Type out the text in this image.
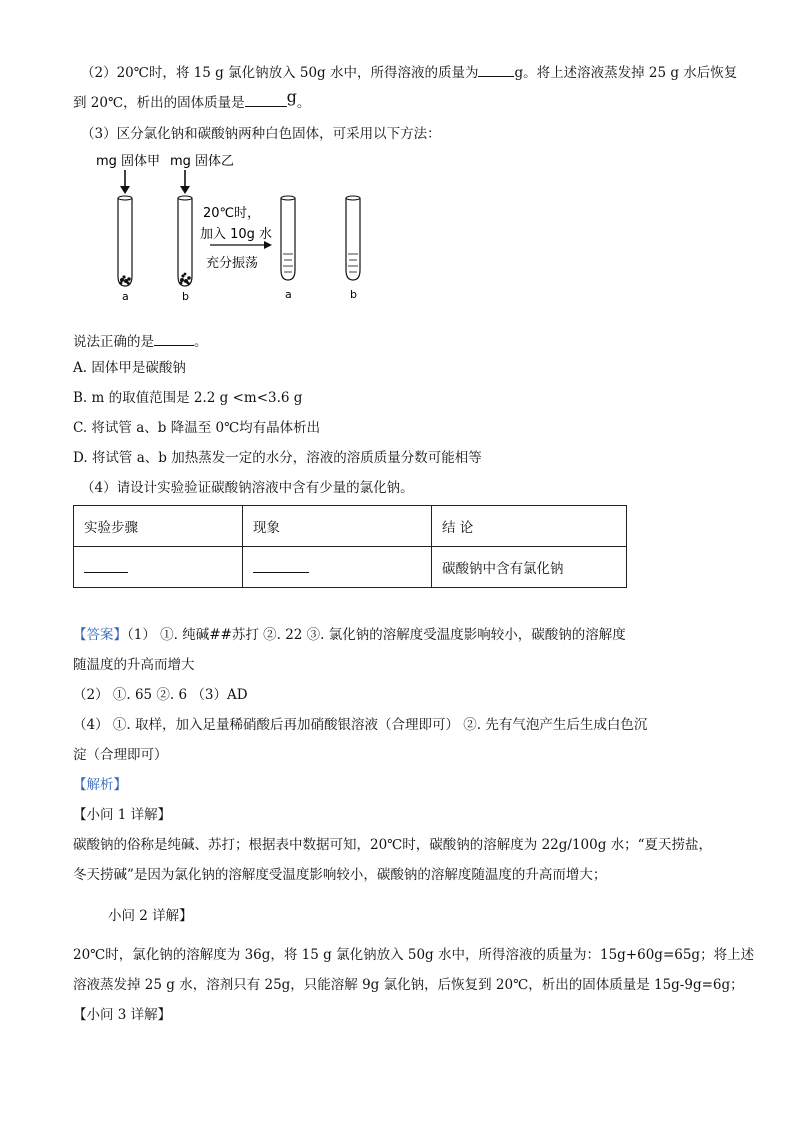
（2）20℃时，将 15 g 氯化钠放入 50g 水中，所得溶液的质量为	g。将上述溶液蒸发掉 25 g 水后恢复
到 20℃，析出的固体质量是	g。
（3）区分氯化钠和碳酸钠两种白色固体，可采用以下方法：
mg 固体甲 mg 固体乙
20℃时，
加入 10g 水
充分振荡
a	b	a	b
说法正确的是	。
A. 固体甲是碳酸钠
B. m 的取值范围是 2.2 g <m<3.6 g
C. 将试管 a、b 降温至 0℃均有晶体析出
D. 将试管 a、b 加热蒸发一定的水分，溶液的溶质质量分数可能相等
（4）请设计实验验证碳酸钠溶液中含有少量的氯化钠。
实验步骤	现象	结 论
		碳酸钠中含有氯化钠
【答案】（1） ①. 纯碱##苏打 ②. 22 ③. 氯化钠的溶解度受温度影响较小，碳酸钠的溶解度
随温度的升高而增大
（2） ①. 65 ②. 6 （3）AD
（4） ①. 取样，加入足量稀硝酸后再加硝酸银溶液（合理即可） ②. 先有气泡产生后生成白色沉
淀（合理即可）
【解析】
【小问 1 详解】
碳酸钠的俗称是纯碱、苏打；根据表中数据可知，20℃时，碳酸钠的溶解度为 22g/100g 水；“夏天捞盐，
冬天捞碱”是因为氯化钠的溶解度受温度影响较小，碳酸钠的溶解度随温度的升高而增大；
小问 2 详解】
20℃时，氯化钠的溶解度为 36g，将 15 g 氯化钠放入 50g 水中，所得溶液的质量为：15g+60g=65g；将上述
溶液蒸发掉 25 g 水，溶剂只有 25g，只能溶解 9g 氯化钠，后恢复到 20℃，析出的固体质量是 15g-9g=6g；
【小问 3 详解】
